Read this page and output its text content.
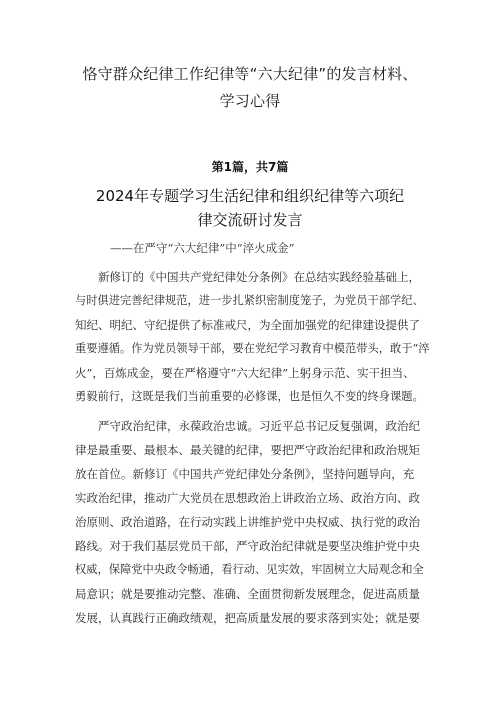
恪守群众纪律工作纪律等“六大纪律”的发言材料、
学习心得
第1篇，共7篇
2024年专题学习生活纪律和组织纪律等六项纪
律交流研讨发言
——在严守“六大纪律”中“淬火成金”

新修订的《中国共产党纪律处分条例》在总结实践经验基础上，
与时俱进完善纪律规范，进一步扎紧织密制度笼子，为党员干部学纪、
知纪、明纪、守纪提供了标准戒尺，为全面加强党的纪律建设提供了
重要遵循。作为党员领导干部，要在党纪学习教育中模范带头，敢于“淬
火”，百炼成金，要在严格遵守“六大纪律”上躬身示范、实干担当、
勇毅前行，这既是我们当前重要的必修课，也是恒久不变的终身课题。

严守政治纪律，永葆政治忠诚。习近平总书记反复强调，政治纪
律是最重要、最根本、最关键的纪律，要把严守政治纪律和政治规矩
放在首位。新修订《中国共产党纪律处分条例》，坚持问题导向，充
实政治纪律，推动广大党员在思想政治上讲政治立场、政治方向、政
治原则、政治道路，在行动实践上讲维护党中央权威、执行党的政治
路线。对于我们基层党员干部，严守政治纪律就是要坚决维护党中央
权威，保障党中央政令畅通，看行动、见实效，牢固树立大局观念和全
局意识；就是要推动完整、准确、全面贯彻新发展理念，促进高质量
发展，认真践行正确政绩观，把高质量发展的要求落到实处；就是要
